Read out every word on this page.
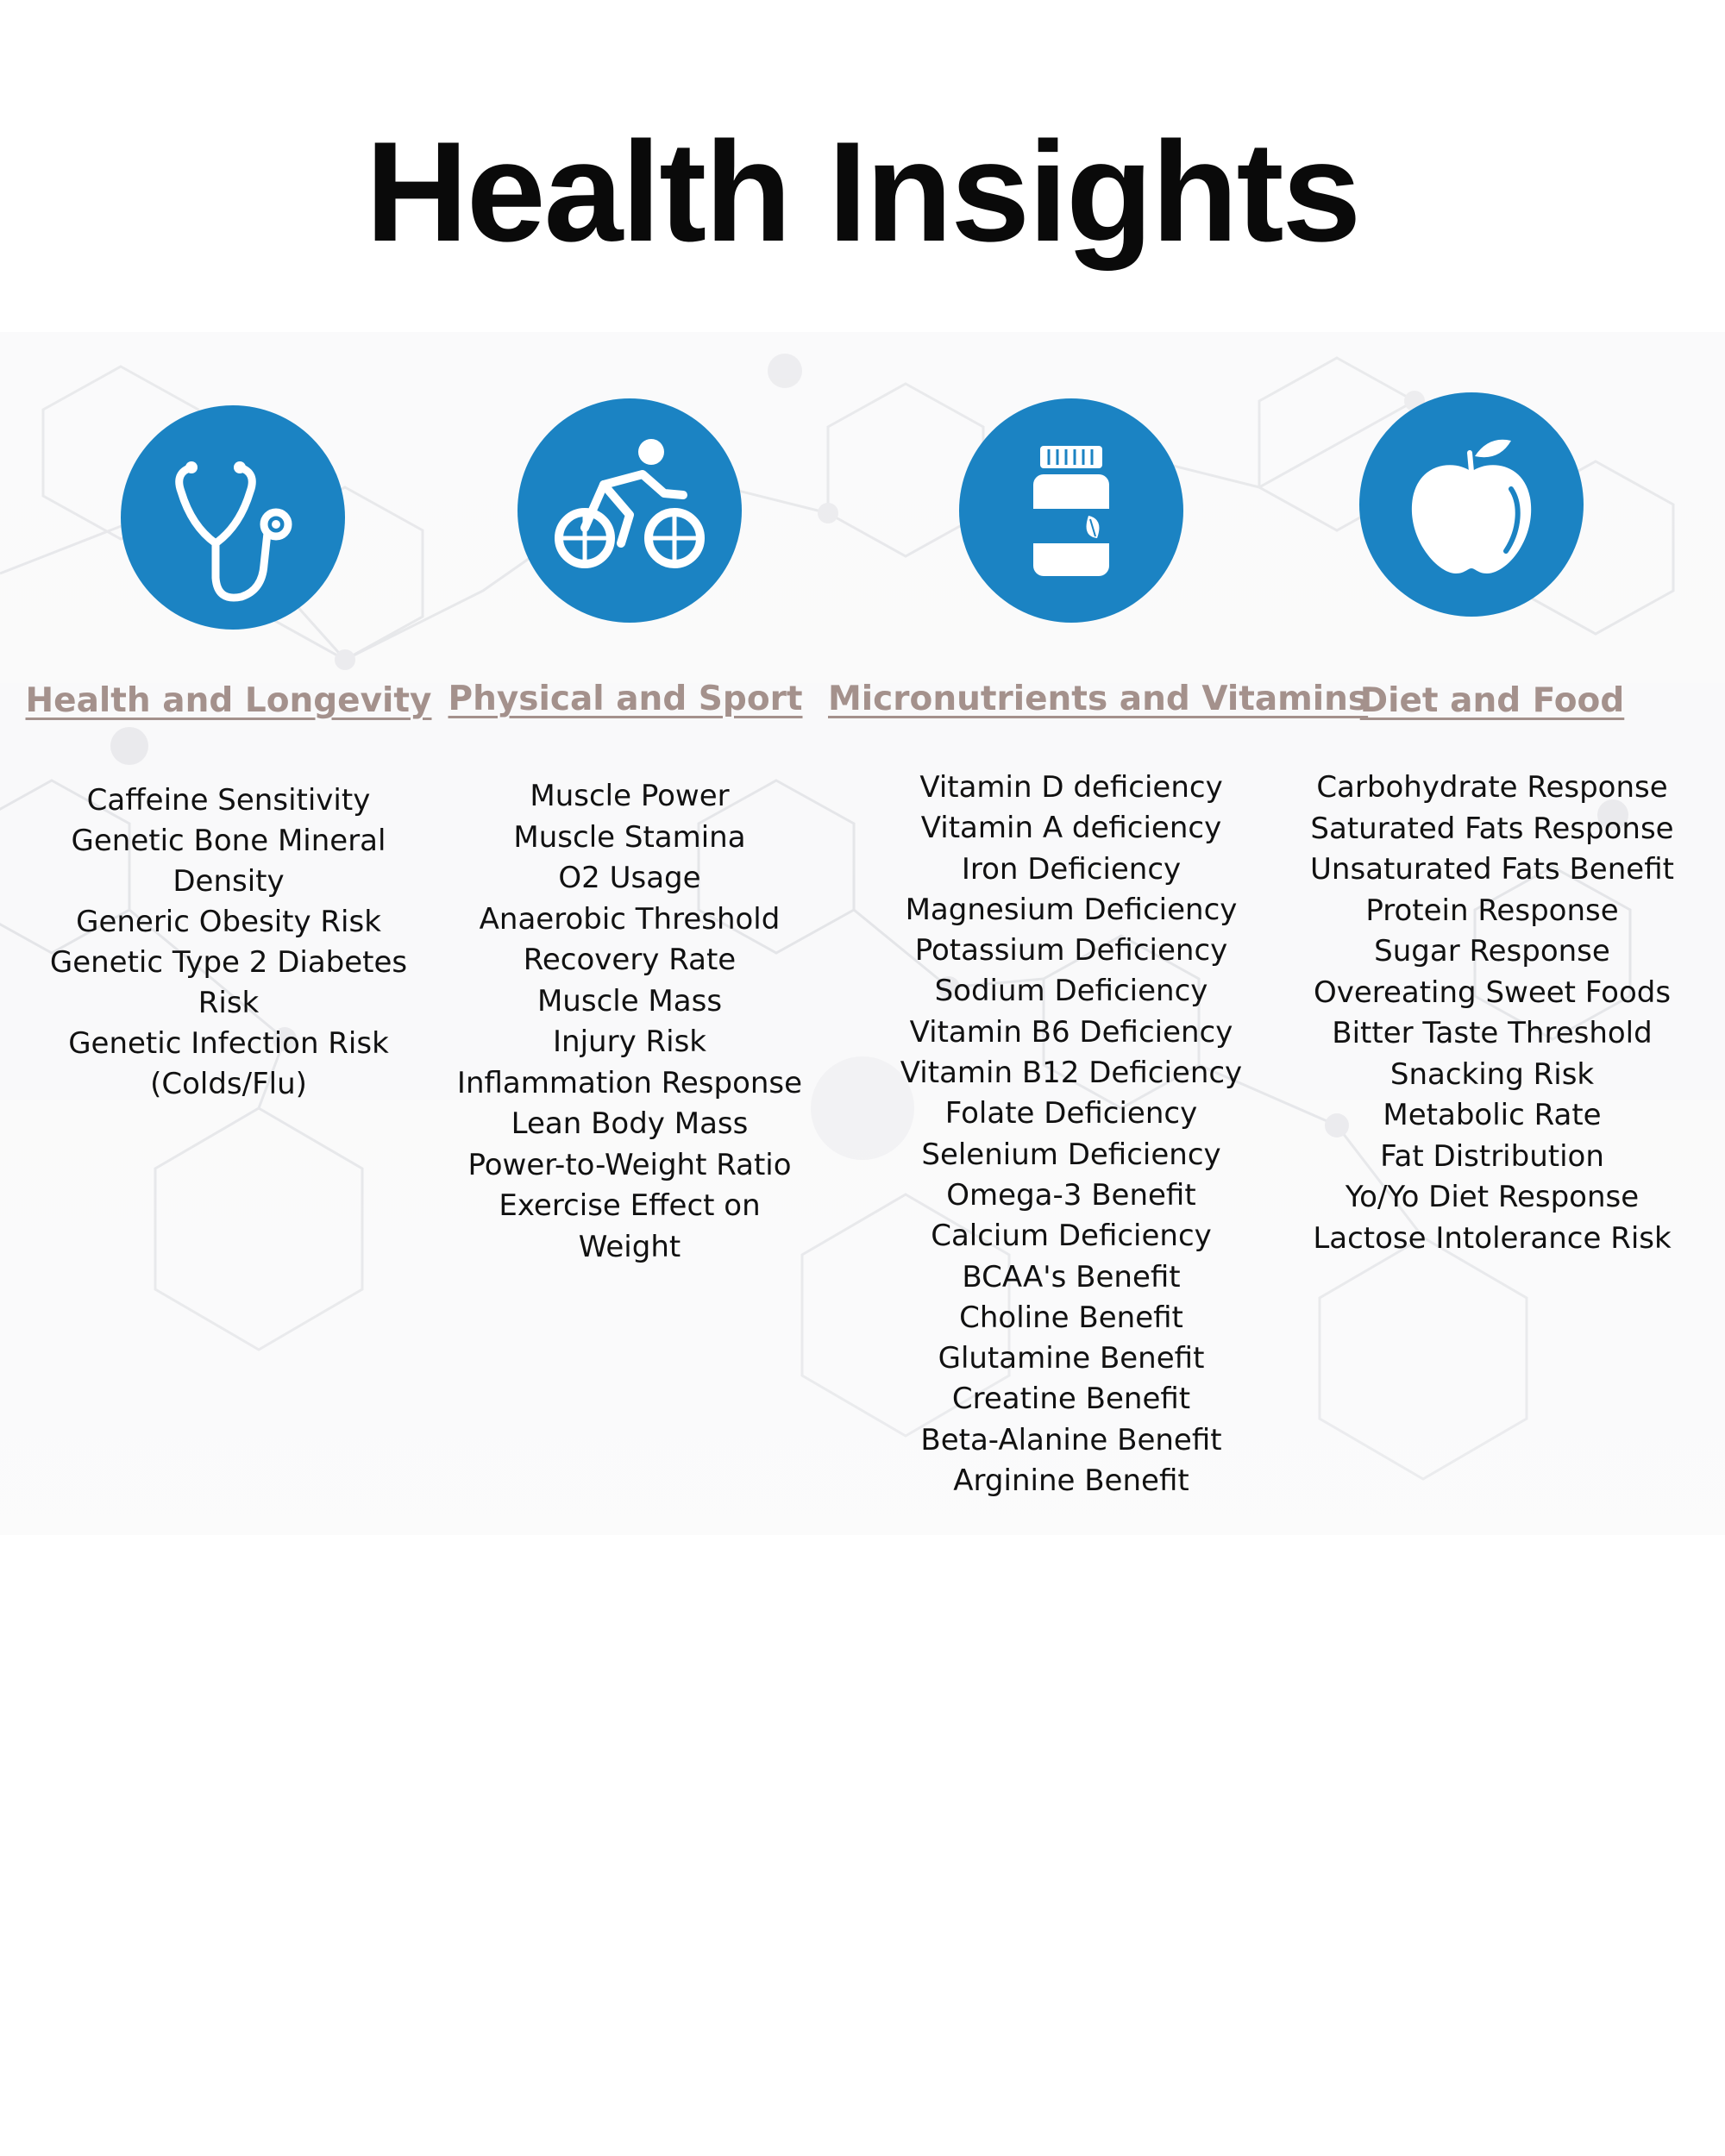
Health Insights
Health and Longevity
Caffeine Sensitivity
Genetic Bone Mineral
Density
Generic Obesity Risk
Genetic Type 2 Diabetes
Risk
Genetic Infection Risk
(Colds/Flu)
Physical and Sport
Muscle Power
Muscle Stamina
O2 Usage
Anaerobic Threshold
Recovery Rate
Muscle Mass
Injury Risk
Inflammation Response
Lean Body Mass
Power-to-Weight Ratio
Exercise Effect on
Weight
Micronutrients and Vitamins
Vitamin D deficiency
Vitamin A deficiency
Iron Deficiency
Magnesium Deficiency
Potassium Deficiency
Sodium Deficiency
Vitamin B6 Deficiency
Vitamin B12 Deficiency
Folate Deficiency
Selenium Deficiency
Omega-3 Benefit
Calcium Deficiency
BCAA's Benefit
Choline Benefit
Glutamine Benefit
Creatine Benefit
Beta-Alanine Benefit
Arginine Benefit
Diet and Food
Carbohydrate Response
Saturated Fats Response
Unsaturated Fats Benefit
Protein Response
Sugar Response
Overeating Sweet Foods
Bitter Taste Threshold
Snacking Risk
Metabolic Rate
Fat Distribution
Yo/Yo Diet Response
Lactose Intolerance Risk
